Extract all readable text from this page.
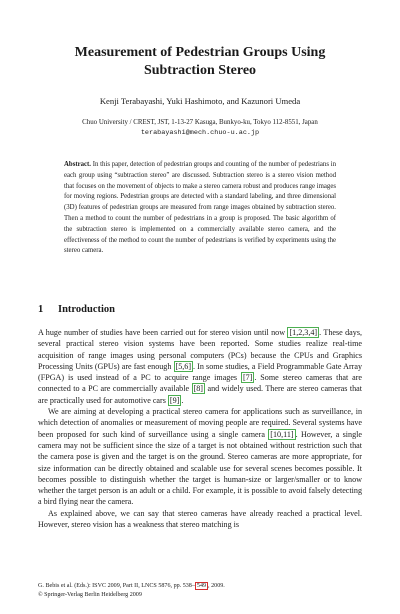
Measurement of Pedestrian Groups Using
Subtraction Stereo
Kenji Terabayashi, Yuki Hashimoto, and Kazunori Umeda
Chuo University / CREST, JST, 1-13-27 Kasuga, Bunkyo-ku, Tokyo 112-8551, Japan
terabayashi@mech.chuo-u.ac.jp
Abstract. In this paper, detection of pedestrian groups and counting of the number of pedestrians in each group using “subtraction stereo” are discussed. Subtraction stereo is a stereo vision method that focuses on the movement of objects to make a stereo camera robust and produces range images for moving regions. Pedestrian groups are detected with a standard labeling, and three dimensional (3D) features of pedestrian groups are measured from range images obtained by subtraction stereo. Then a method to count the number of pedestrians in a group is proposed. The basic algorithm of the subtraction stereo is implemented on a commercially available stereo camera, and the effectiveness of the method to count the number of pedestrians is verified by experiments using the stereo camera.
1 Introduction

A huge number of studies have been carried out for stereo vision until now [1,2,3,4] . These days, several practical stereo vision systems have been reported. Some studies realize real-time acquisition of range images using personal computers (PCs) because the CPUs and Graphics Processing Units (GPUs) are fast enough [5,6] . In some studies, a Field Programmable Gate Array (FPGA) is used instead of a PC to acquire range images [7] . Some stereo cameras that are connected to a PC are commercially available [8] and widely used. There are stereo cameras that are practically used for automotive cars [9] .

We are aiming at developing a practical stereo camera for applications such as surveillance, in which detection of anomalies or measurement of moving people are required. Several systems have been proposed for such kind of surveillance using a single camera [10,11] . However, a single camera may not be sufficient since the size of a target is not obtained without restriction such that the camera pose is given and the target is on the ground. Stereo cameras are more appropriate, for size information can be directly obtained and scalable use for several scenes becomes possible. It becomes possible to distinguish whether the target is human-size or larger/smaller or to know whether the target person is an adult or a child. For example, it is possible to avoid falsely detecting a bird flying near the camera.

As explained above, we can say that stereo cameras have already reached a practical level. However, stereo vision has a weakness that stereo matching is

G. Bebis et al. (Eds.): ISVC 2009, Part II, LNCS 5876, pp. 538– 549 , 2009.
© Springer-Verlag Berlin Heidelberg 2009
